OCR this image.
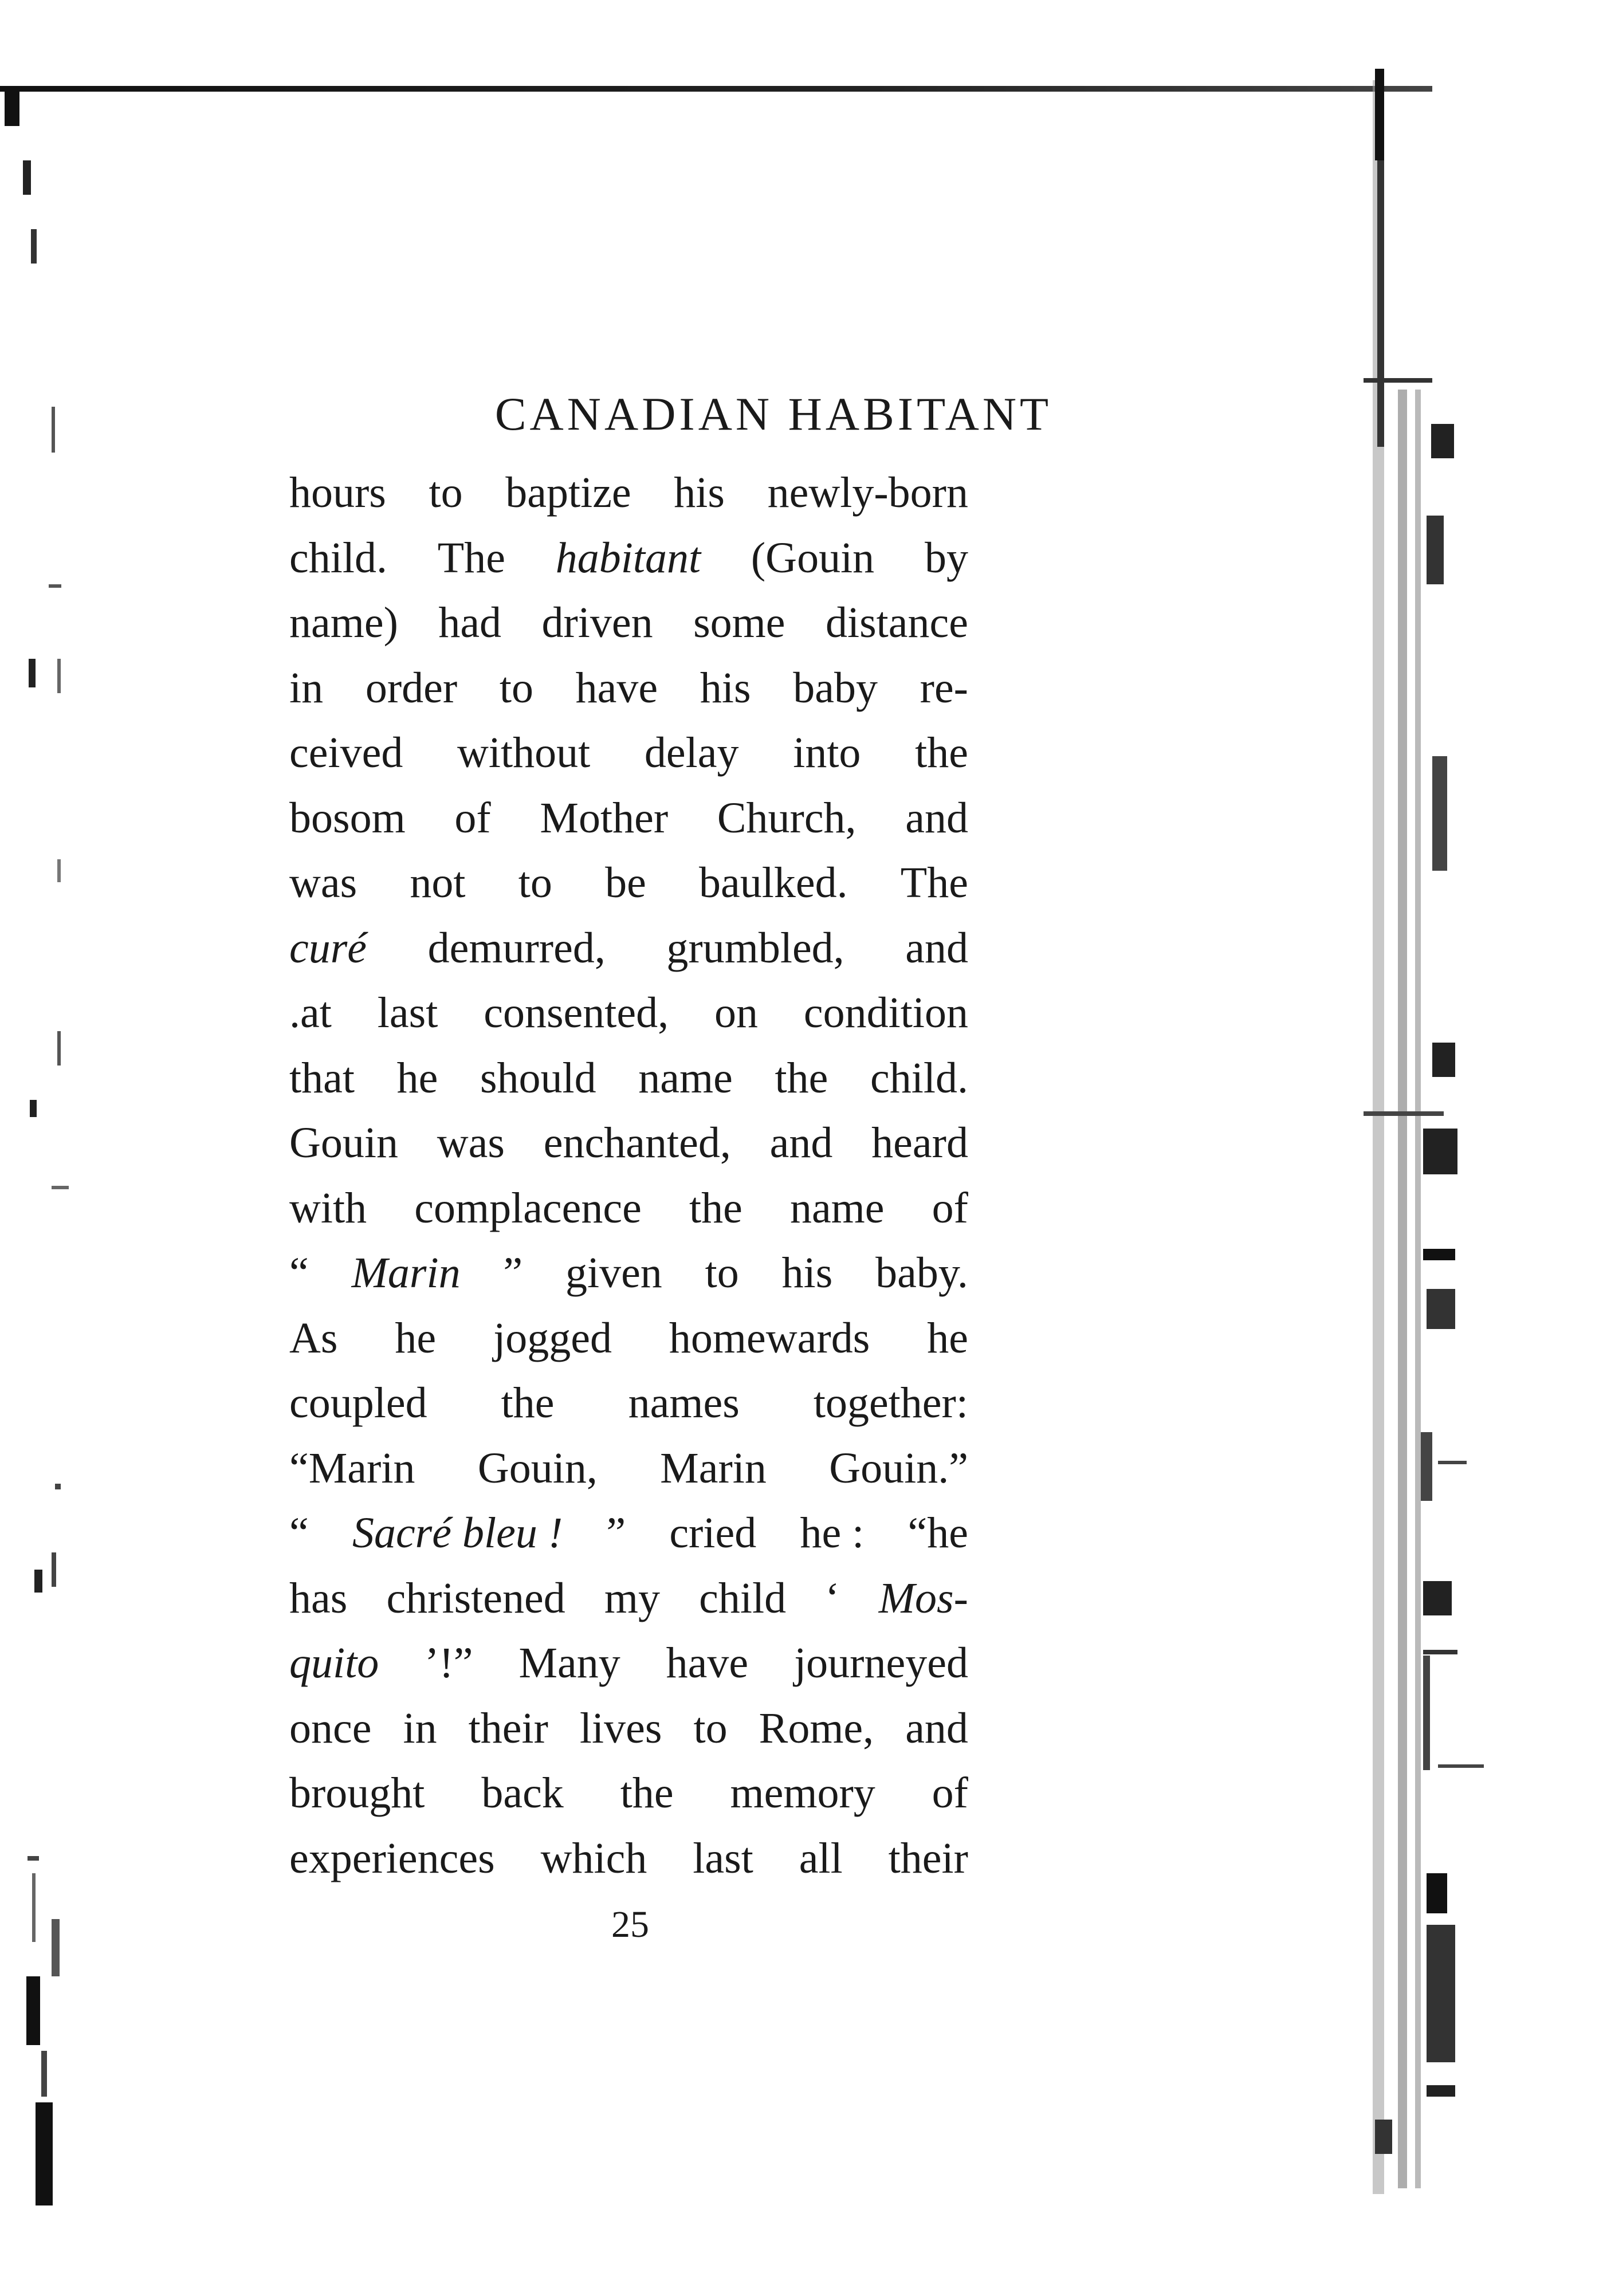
CANADIAN HABITANT
hours to baptize his newly-born
child. The habitant (Gouin by
name) had driven some distance
in order to have his baby re-
ceived without delay into the
bosom of Mother Church, and
was not to be baulked. The
curé demurred, grumbled, and
.at last consented, on condition
that he should name the child.
Gouin was enchanted, and heard
with complacence the name of
“ Marin ” given to his baby.
As he jogged homewards he
coupled the names together:
“Marin Gouin, Marin Gouin.”
“ Sacré bleu ! ” cried he : “he
has christened my child ‘ Mos-
quito ’!” Many have journeyed
once in their lives to Rome, and
brought back the memory of
experiences which last all their
25
